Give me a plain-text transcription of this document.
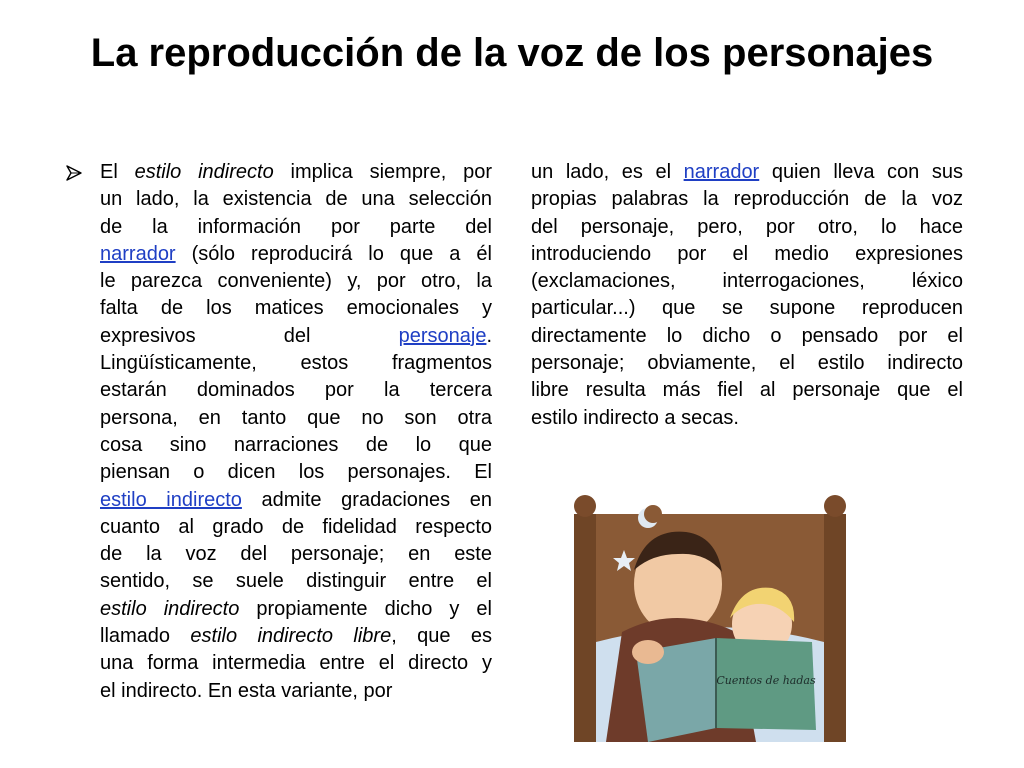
La reproducción de la voz de los personajes
El estilo indirecto implica siempre, por
un lado, la existencia de una selección
de la información por parte del
narrador (sólo reproducirá lo que a él
le parezca conveniente) y, por otro, la
falta de los matices emocionales y
expresivos del personaje.
Lingüísticamente, estos fragmentos
estarán dominados por la tercera
persona, en tanto que no son otra
cosa sino narraciones de lo que
piensan o dicen los personajes. El
estilo indirecto admite gradaciones en
cuanto al grado de fidelidad respecto
de la voz del personaje; en este
sentido, se suele distinguir entre el
estilo indirecto propiamente dicho y el
llamado estilo indirecto libre, que es
una forma intermedia entre el directo y
el indirecto. En esta variante, por
un lado, es el narrador quien lleva con sus
propias palabras la reproducción de la voz
del personaje, pero, por otro, lo hace
introduciendo por el medio expresiones
(exclamaciones, interrogaciones, léxico
particular...) que se supone reproducen
directamente lo dicho o pensado por el
personaje; obviamente, el estilo indirecto
libre resulta más fiel al personaje que el
estilo indirecto a secas.
Cuentos de hadas
